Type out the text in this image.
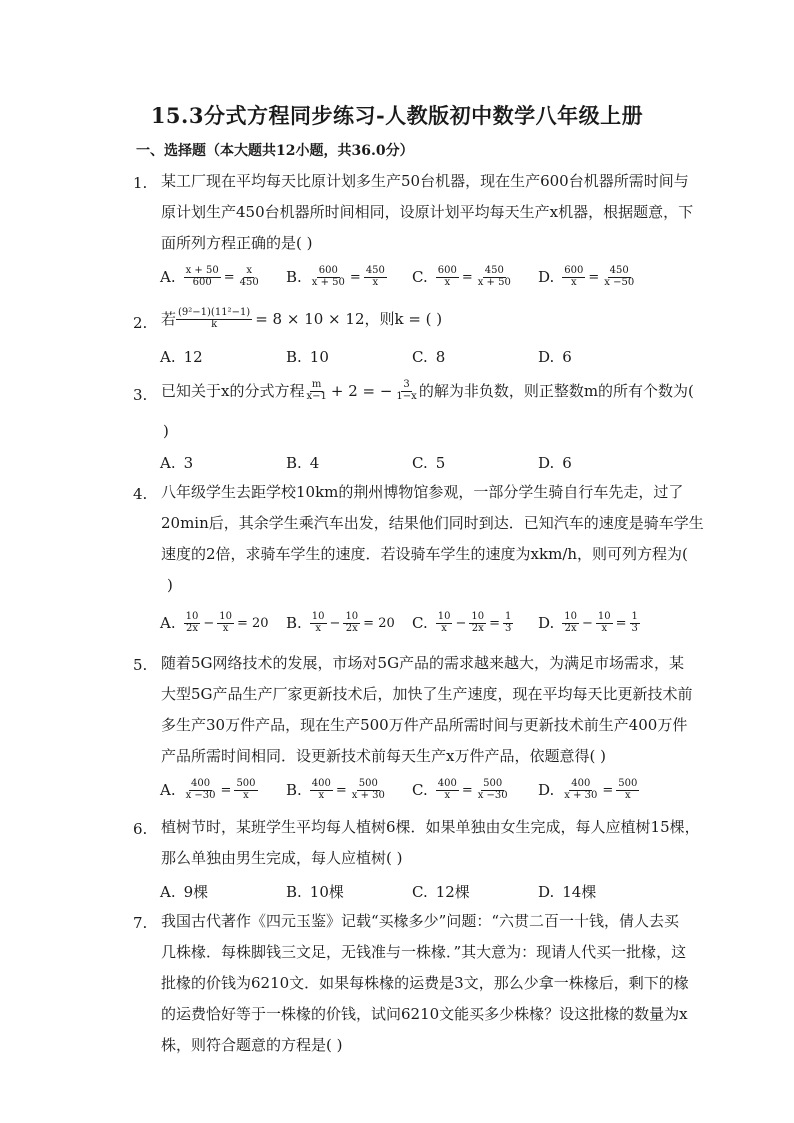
15.3分式方程同步练习-人教版初中数学八年级上册
一、选择题（本大题共12小题，共36.0分）
1. 某工厂现在平均每天比原计划多生产50台机器，现在生产600台机器所需时间与
原计划生产450台机器所时间相同，设原计划平均每天生产x机器，根据题意，下
面所列方程正确的是( )
A. $\frac{x + 50}{600} = \frac{x}{450} B$. $\frac{600}{x + 50} = \frac{450}{x} C$. $\frac{600}{x} = \frac{450}{x + 50} D$. $\frac{600}{x} = \frac{450}{x -50}$
2. 若 $\frac{\text{(9²−1)(11²−1)}}{k} = 8 \times 10 \times 12$，则k = ( )
A. 12	B. 10	C. 8	D. 6
3. 已知关于x的分式方程 $\frac{m}{x-1} + 2$ = − $\frac{3}{1-x}$ 的解为非负数，则正整数m的所有个数为(
)
A. 3	B. 4	C. 5	D. 6
4. 八年级学生去距学校10km的荆州博物馆参观，一部分学生骑自行车先走，过了
20min后，其余学生乘汽车出发，结果他们同时到达．已知汽车的速度是骑车学生
速度的2倍，求骑车学生的速度．若设骑车学生的速度为xkm/h，则可列方程为(
)
A. $\frac{10}{2x} - \frac{10}{x} = 20$ B. $\frac{10}{x} - \frac{10}{2x} = 20$ C. $\frac{10}{x} - \frac{10}{2x} = \frac{1}{3} D$. $\frac{10}{2x} - \frac{10}{x} = \frac{1}{3}$
5. 随着5G网络技术的发展，市场对5G产品的需求越来越大，为满足市场需求，某
大型5G产品生产厂家更新技术后，加快了生产速度，现在平均每天比更新技术前
多生产30万件产品，现在生产500万件产品所需时间与更新技术前生产400万件
产品所需时间相同．设更新技术前每天生产x万件产品，依题意得( )
A. $\frac{400}{x -30} = \frac{500}{x} B$. $\frac{400}{x} = \frac{500}{x + 30} C$. $\frac{400}{x} = \frac{500}{x -30} D$. $\frac{400}{x + 30} = \frac{500}{x}$
6. 植树节时，某班学生平均每人植树6棵．如果单独由女生完成，每人应植树15棵，
那么单独由男生完成，每人应植树( )
A. 9棵	B. 10棵	C. 12棵	D. 14棵
7. 我国古代著作《四元玉鉴》记载“买椽多少”问题：“六贯二百一十钱，倩人去买
几株椽．每株脚钱三文足，无钱准与一株椽．”其大意为：现请人代买一批椽，这
批椽的价钱为6210文．如果每株椽的运费是3文，那么少拿一株椽后，剩下的椽
的运费恰好等于一株椽的价钱，试问6210文能买多少株椽？设这批椽的数量为x
株，则符合题意的方程是( )
